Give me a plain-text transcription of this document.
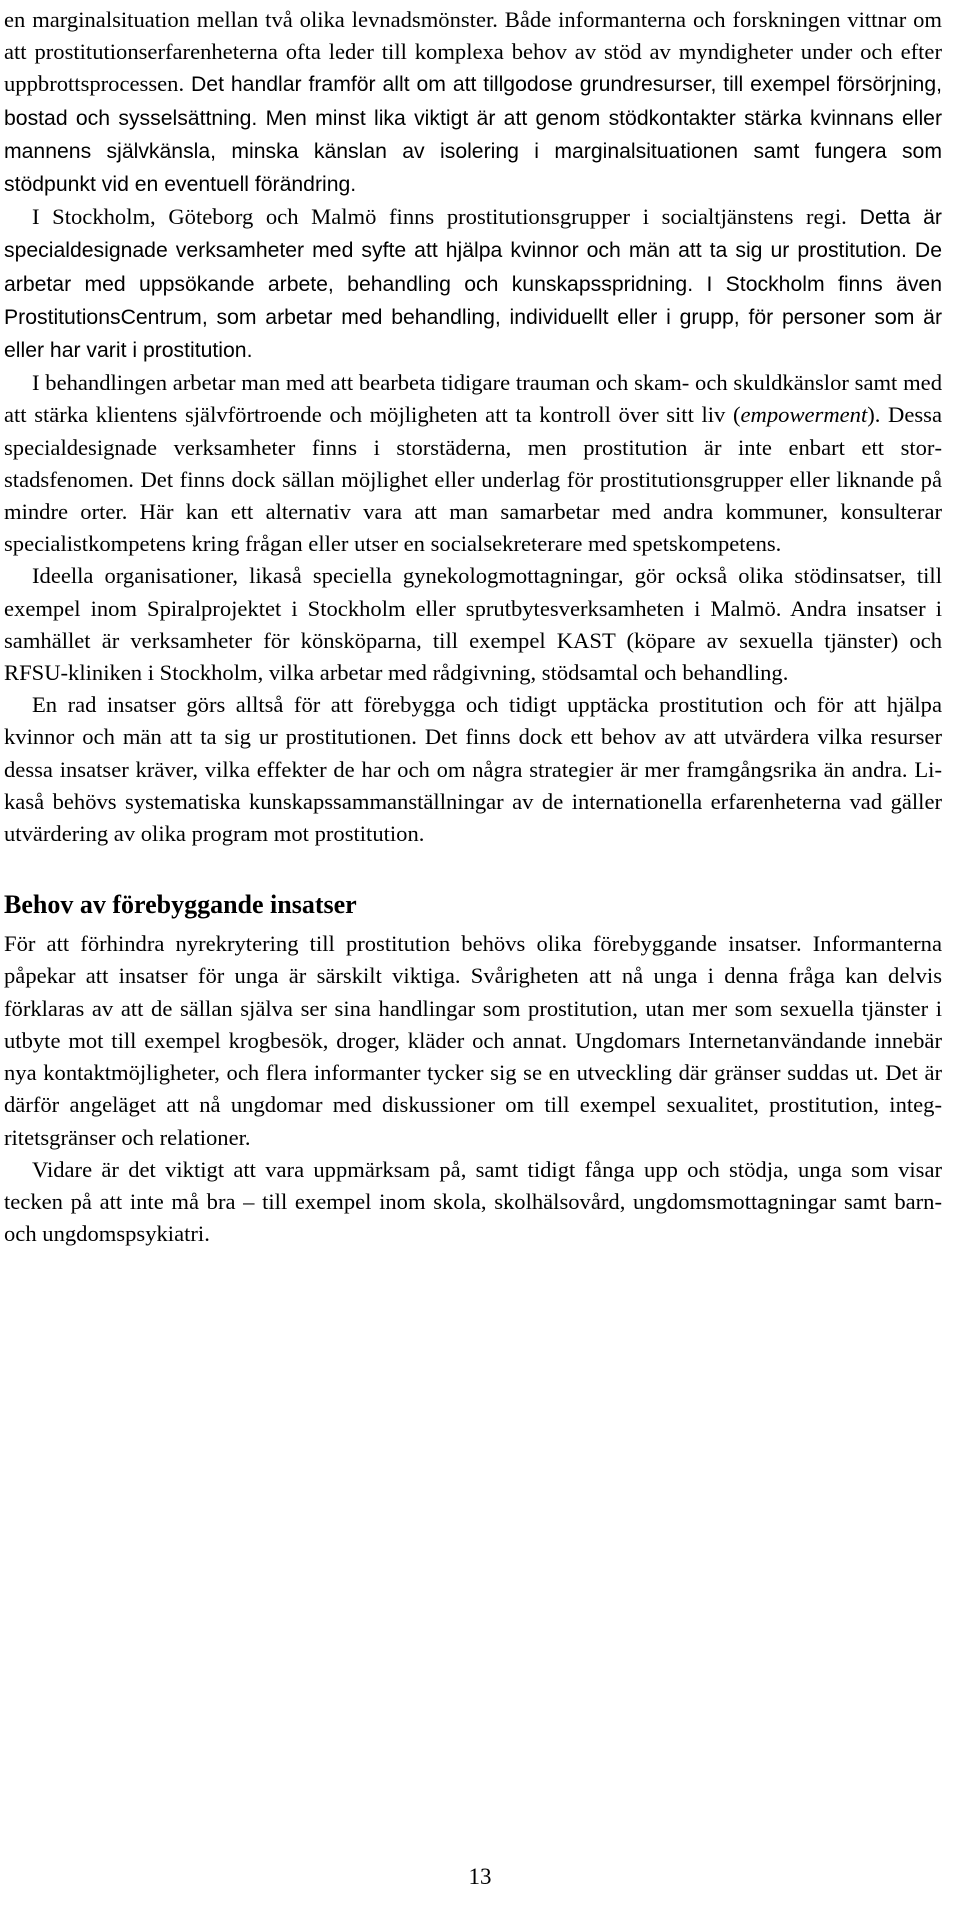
en marginalsituation mellan två olika levnadsmönster. Både informanterna och forskningen vittnar om att prostitutionserfarenheterna ofta leder till komplexa behov av stöd av myndigheter under och efter uppbrottsprocessen. Det handlar framför allt om att tillgodose grundresurser, till exempel försörjning, bostad och sysselsättning. Men minst lika viktigt är att genom stödkontakter stärka kvinnans eller mannens självkänsla, minska känslan av isolering i marginalsituationen samt fungera som stödpunkt vid en eventuell förändring.

I Stockholm, Göteborg och Malmö finns prostitutionsgrupper i socialtjänstens regi. Detta är specialdesignade verksamheter med syfte att hjälpa kvinnor och män att ta sig ur prostitution. De arbetar med uppsökande arbete, behandling och kunskapsspridning. I Stockholm finns även ProstitutionsCentrum, som arbetar med behandling, individuellt eller i grupp, för personer som är eller har varit i prostitution.

I behandlingen arbetar man med att bearbeta tidigare trauman och skam- och skuldkänslor samt med att stärka klientens självförtroende och möjligheten att ta kontroll över sitt liv (empowerment). Dessa specialdesignade verksamheter finns i storstäderna, men prostitution är inte enbart ett storstadsfenomen. Det finns dock sällan möjlighet eller underlag för prostitutionsgrupper eller liknande på mindre orter. Här kan ett alternativ vara att man samarbetar med andra kommuner, konsulterar specialistkompetens kring frågan eller utser en socialsekreterare med spetskompetens.

Ideella organisationer, likaså speciella gynekologmottagningar, gör också olika stödinsatser, till exempel inom Spiralprojektet i Stockholm eller sprutbytesverksamheten i Malmö. Andra insatser i samhället är verksamheter för könsköparna, till exempel KAST (köpare av sexuella tjänster) och RFSU-kliniken i Stockholm, vilka arbetar med rådgivning, stödsamtal och behandling.

En rad insatser görs alltså för att förebygga och tidigt upptäcka prostitution och för att hjälpa kvinnor och män att ta sig ur prostitutionen. Det finns dock ett behov av att utvärdera vilka resurser dessa insatser kräver, vilka effekter de har och om några strategier är mer framgångsrika än andra. Likaså behövs systematiska kunskapssammanställningar av de internationella erfarenheterna vad gäller utvärdering av olika program mot prostitution.

Behov av förebyggande insatser

För att förhindra nyrekrytering till prostitution behövs olika förebyggande insatser. Informanterna påpekar att insatser för unga är särskilt viktiga. Svårigheten att nå unga i denna fråga kan delvis förklaras av att de sällan själva ser sina handlingar som prostitution, utan mer som sexuella tjänster i utbyte mot till exempel krogbesök, droger, kläder och annat. Ungdomars Internetanvändande innebär nya kontaktmöjligheter, och flera informanter tycker sig se en utveckling där gränser suddas ut. Det är därför angeläget att nå ungdomar med diskussioner om till exempel sexualitet, prostitution, integritetsgränser och relationer.

Vidare är det viktigt att vara uppmärksam på, samt tidigt fånga upp och stödja, unga som visar tecken på att inte må bra – till exempel inom skola, skolhälsovård, ungdomsmottagningar samt barn- och ungdomspsykiatri.

13
